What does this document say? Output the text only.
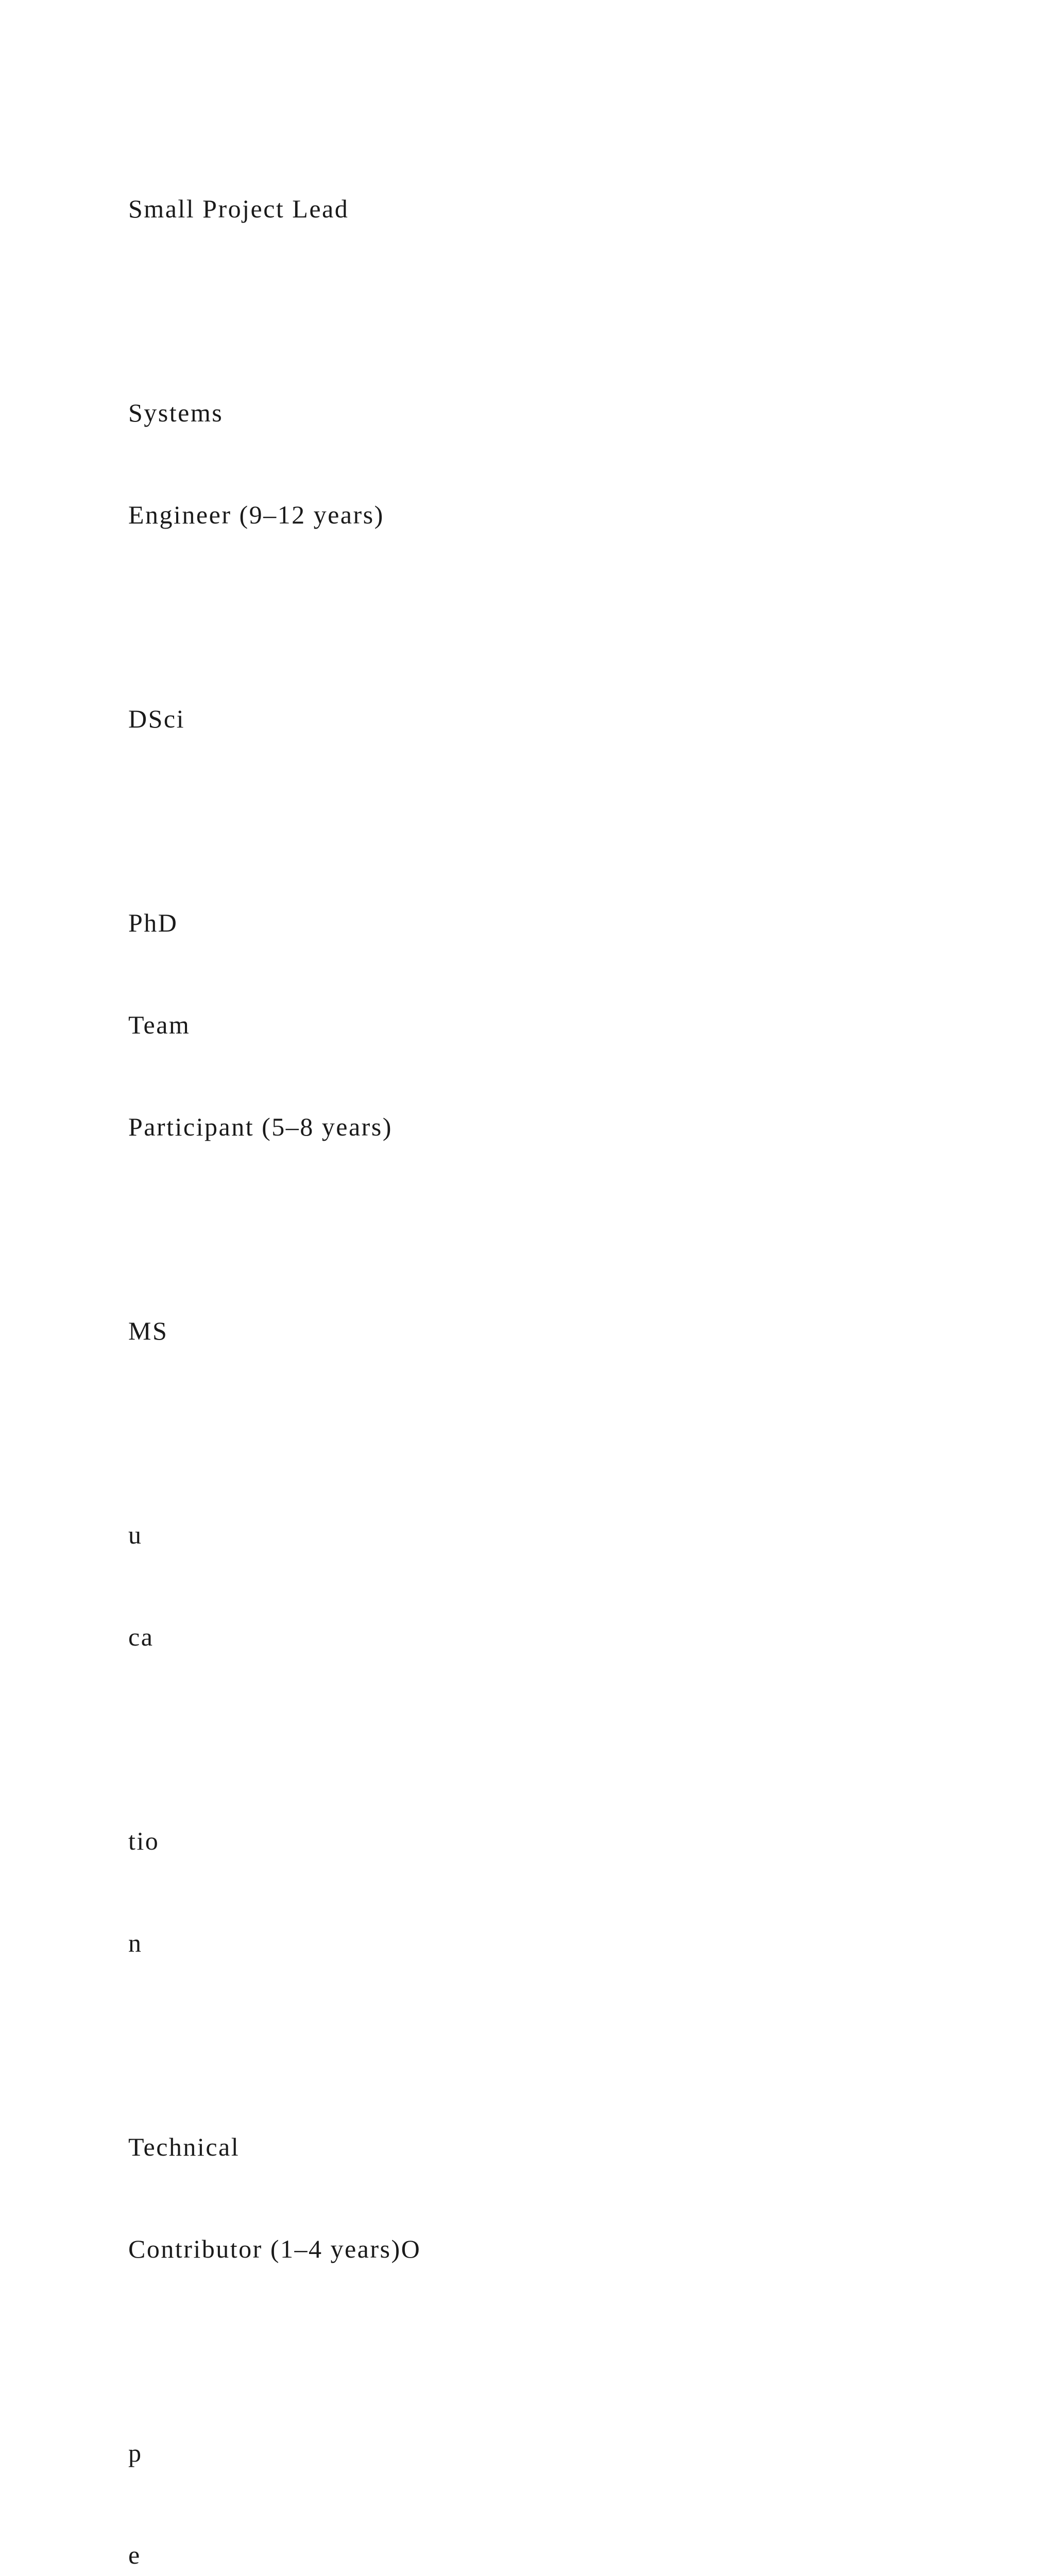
Small Project Lead

Systems

Engineer (9–12 years)

DSci

PhD

Team

Participant (5–8 years)

MS

u

ca

tio

n

Technical

Contributor (1–4 years)O

p

e
